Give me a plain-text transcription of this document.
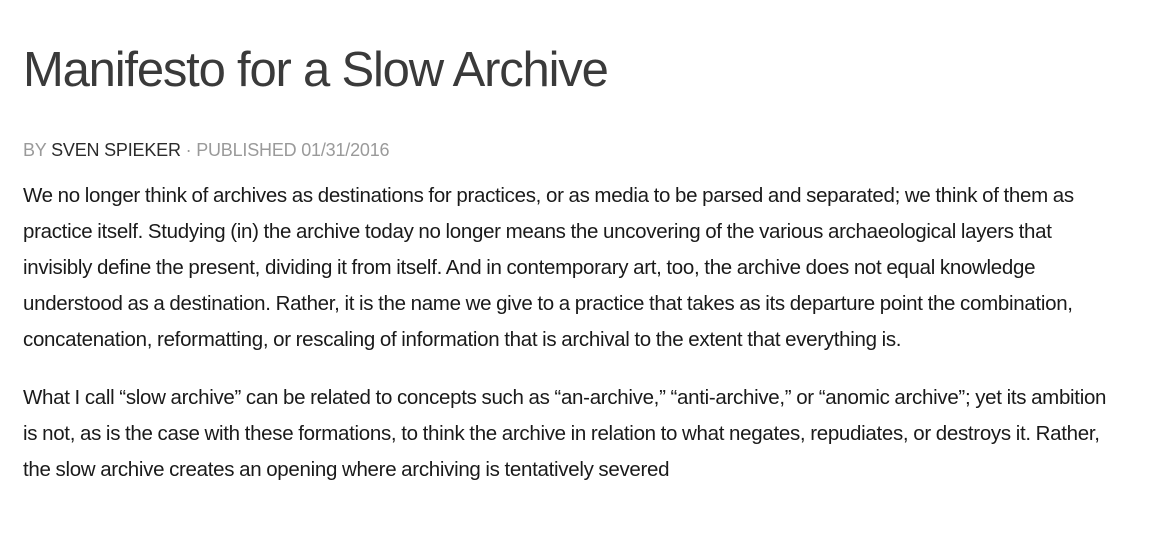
Manifesto for a Slow Archive
BY SVEN SPIEKER · PUBLISHED 01/31/2016

We no longer think of archives as destinations for practices, or as media to be parsed and separated; we think of them as practice itself. Studying (in) the archive today no longer means the uncovering of the various archaeological layers that invisibly define the present, dividing it from itself. And in contemporary art, too, the archive does not equal knowledge understood as a destination. Rather, it is the name we give to a practice that takes as its departure point the combination, concatenation, reformatting, or rescaling of information that is archival to the extent that everything is.

What I call “slow archive” can be related to concepts such as “an-archive,” “anti-archive,” or “anomic archive”; yet its ambition is not, as is the case with these formations, to think the archive in relation to what negates, repudiates, or destroys it. Rather, the slow archive creates an opening where archiving is tentatively severed
